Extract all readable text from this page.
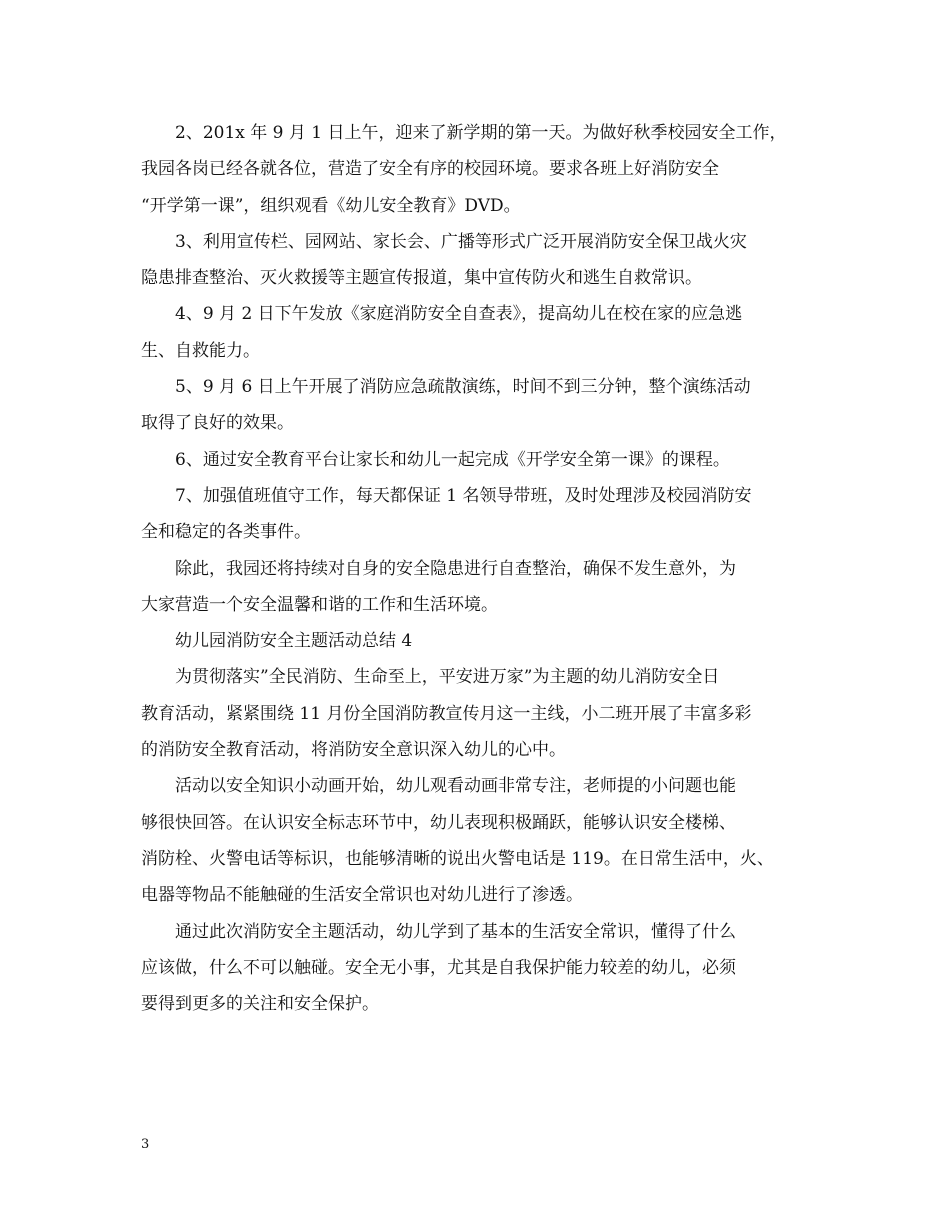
2、201x 年 9 月 1 日上午，迎来了新学期的第一天。为做好秋季校园安全工作，
我园各岗已经各就各位，营造了安全有序的校园环境。要求各班上好消防安全
“开学第一课”，组织观看《幼儿安全教育》DVD。
3、利用宣传栏、园网站、家长会、广播等形式广泛开展消防安全保卫战火灾
隐患排查整治、灭火救援等主题宣传报道，集中宣传防火和逃生自救常识。
4、9 月 2 日下午发放《家庭消防安全自查表》，提高幼儿在校在家的应急逃
生、自救能力。
5、9 月 6 日上午开展了消防应急疏散演练，时间不到三分钟，整个演练活动
取得了良好的效果。
6、通过安全教育平台让家长和幼儿一起完成《开学安全第一课》的课程。
7、加强值班值守工作，每天都保证 1 名领导带班，及时处理涉及校园消防安
全和稳定的各类事件。
除此，我园还将持续对自身的安全隐患进行自查整治，确保不发生意外，为
大家营造一个安全温馨和谐的工作和生活环境。
幼儿园消防安全主题活动总结 4
为贯彻落实”全民消防、生命至上，平安进万家”为主题的幼儿消防安全日
教育活动，紧紧围绕 11 月份全国消防教宣传月这一主线，小二班开展了丰富多彩
的消防安全教育活动，将消防安全意识深入幼儿的心中。
活动以安全知识小动画开始，幼儿观看动画非常专注，老师提的小问题也能
够很快回答。在认识安全标志环节中，幼儿表现积极踊跃，能够认识安全楼梯、
消防栓、火警电话等标识，也能够清晰的说出火警电话是 119。在日常生活中，火、
电器等物品不能触碰的生活安全常识也对幼儿进行了渗透。
通过此次消防安全主题活动，幼儿学到了基本的生活安全常识，懂得了什么
应该做，什么不可以触碰。安全无小事，尤其是自我保护能力较差的幼儿，必须
要得到更多的关注和安全保护。
3
